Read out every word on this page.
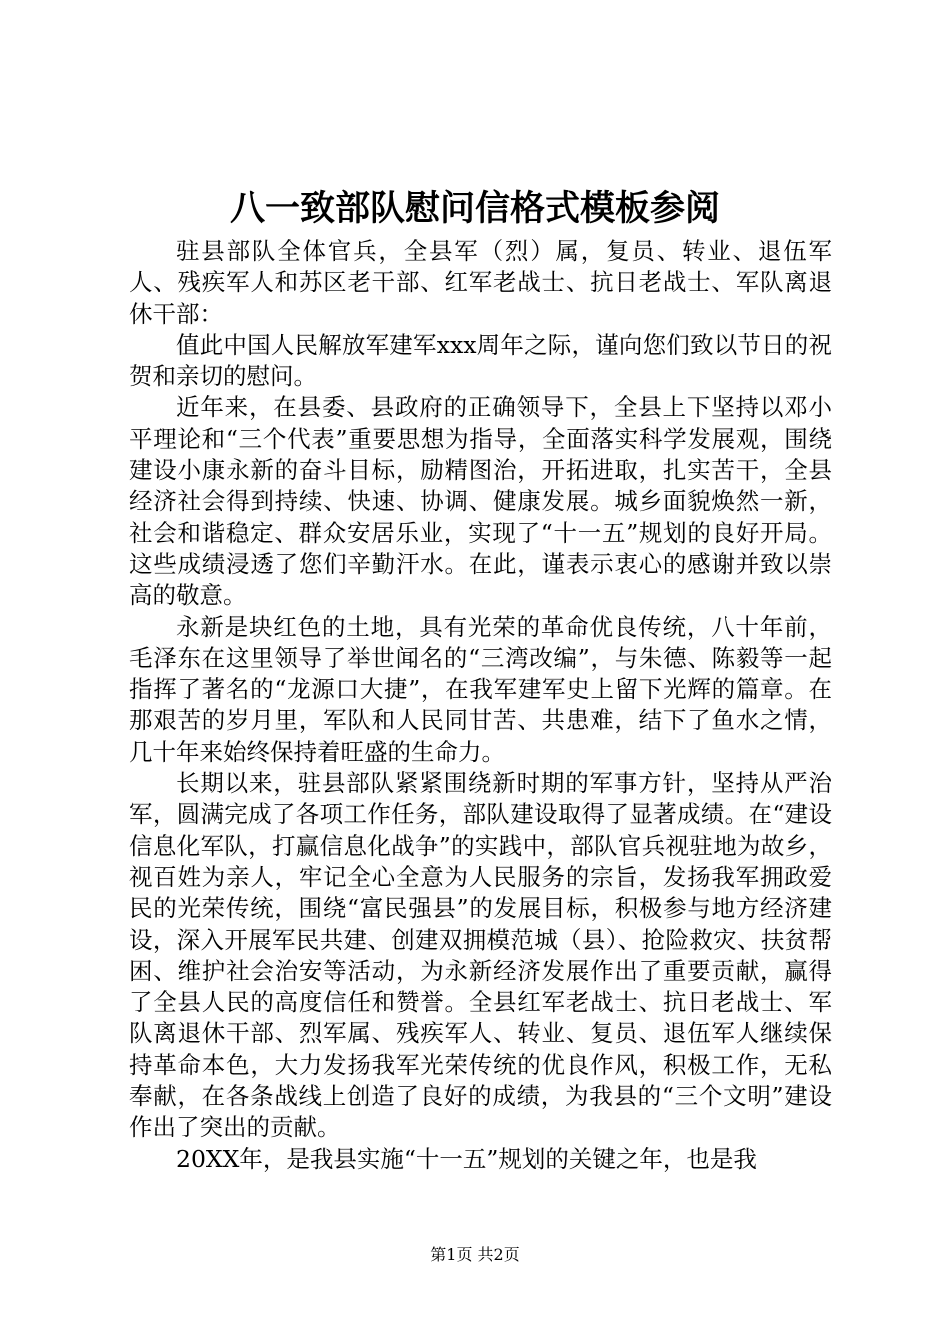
八一致部队慰问信格式模板参阅

驻县部队全体官兵，全县军（烈）属，复员、转业、退伍军人、残疾军人和苏区老干部、红军老战士、抗日老战士、军队离退休干部：

值此中国人民解放军建军xxx周年之际，谨向您们致以节日的祝贺和亲切的慰问。

近年来，在县委、县政府的正确领导下，全县上下坚持以邓小平理论和“三个代表”重要思想为指导，全面落实科学发展观，围绕建设小康永新的奋斗目标，励精图治，开拓进取，扎实苦干，全县经济社会得到持续、快速、协调、健康发展。城乡面貌焕然一新，社会和谐稳定、群众安居乐业，实现了“十一五”规划的良好开局。这些成绩浸透了您们辛勤汗水。在此，谨表示衷心的感谢并致以崇高的敬意。

永新是块红色的土地，具有光荣的革命优良传统，八十年前，毛泽东在这里领导了举世闻名的“三湾改编”，与朱德、陈毅等一起指挥了著名的“龙源口大捷”，在我军建军史上留下光辉的篇章。在那艰苦的岁月里，军队和人民同甘苦、共患难，结下了鱼水之情，几十年来始终保持着旺盛的生命力。

长期以来，驻县部队紧紧围绕新时期的军事方针，坚持从严治军，圆满完成了各项工作任务，部队建设取得了显著成绩。在“建设信息化军队，打赢信息化战争”的实践中，部队官兵视驻地为故乡，视百姓为亲人，牢记全心全意为人民服务的宗旨，发扬我军拥政爱民的光荣传统，围绕“富民强县”的发展目标，积极参与地方经济建设，深入开展军民共建、创建双拥模范城（县）、抢险救灾、扶贫帮困、维护社会治安等活动，为永新经济发展作出了重要贡献，赢得了全县人民的高度信任和赞誉。全县红军老战士、抗日老战士、军队离退休干部、烈军属、残疾军人、转业、复员、退伍军人继续保持革命本色，大力发扬我军光荣传统的优良作风，积极工作，无私奉献，在各条战线上创造了良好的成绩，为我县的“三个文明”建设作出了突出的贡献。

20XX年，是我县实施“十一五”规划的关键之年，也是我

第1页 共2页
